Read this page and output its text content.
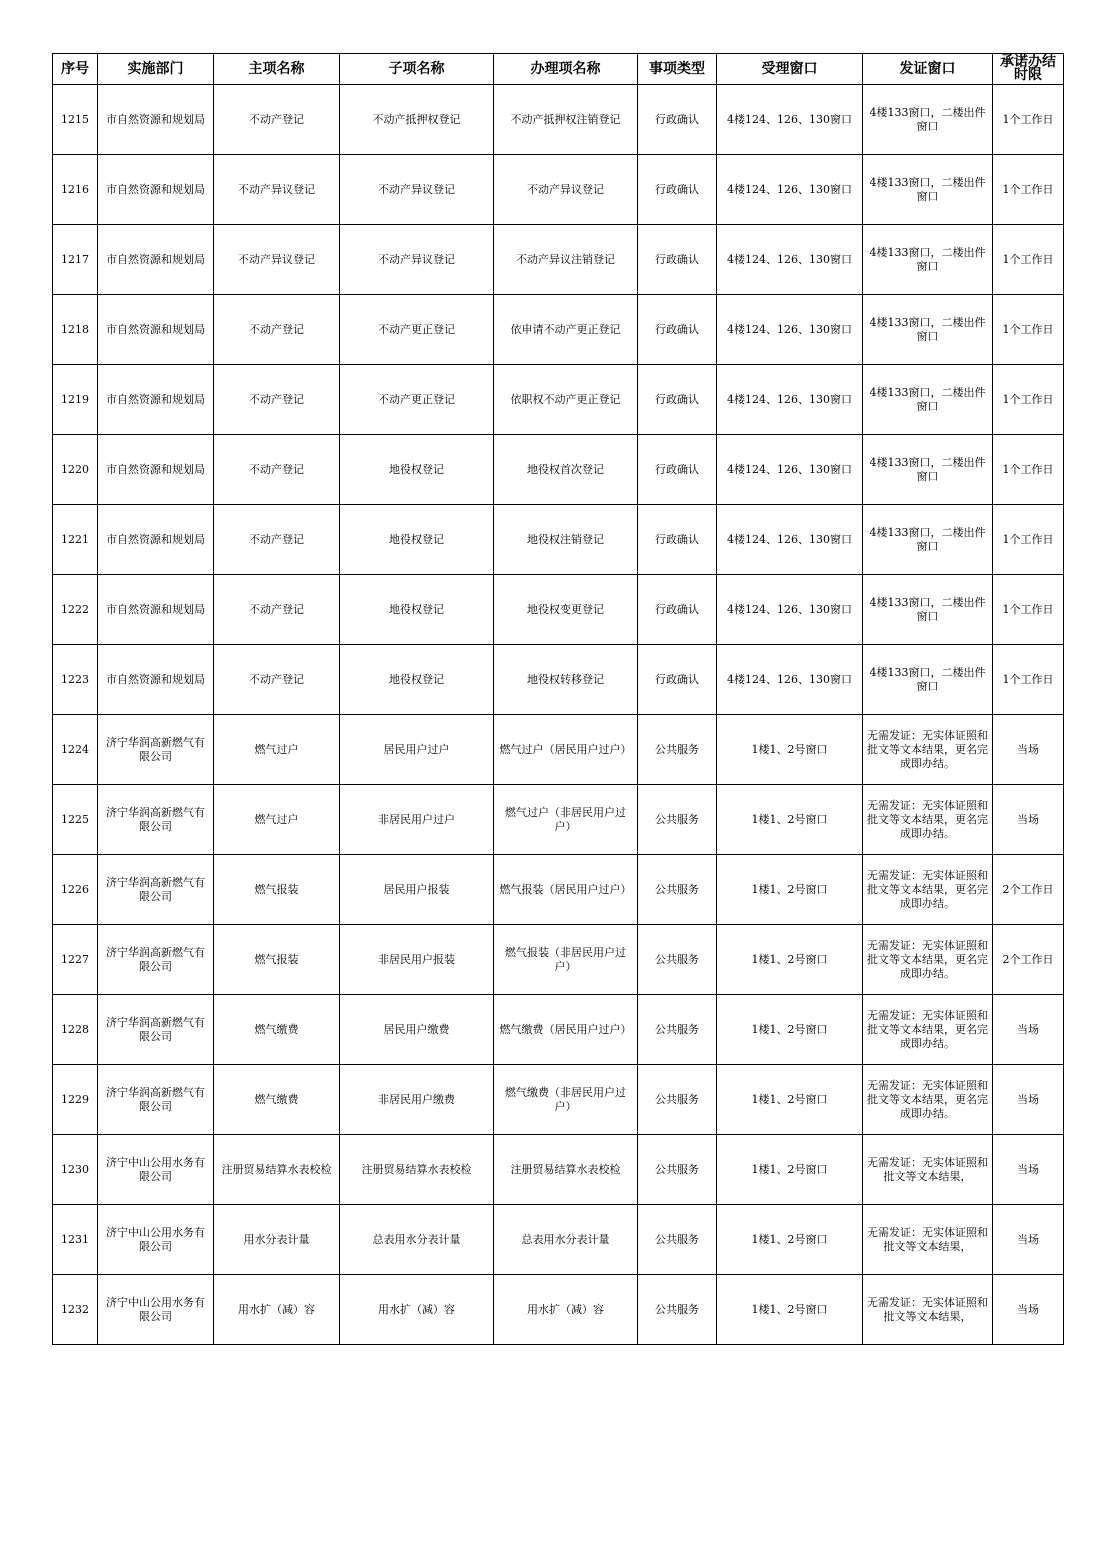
序号	实施部门	主项名称	子项名称	办理项名称	事项类型	受理窗口	发证窗口	承诺办结时限
1215	市自然资源和规划局	不动产登记	不动产抵押权登记	不动产抵押权注销登记	行政确认	4楼124、126、130窗口	4楼133窗口，二楼出件窗口	1个工作日
1216	市自然资源和规划局	不动产异议登记	不动产异议登记	不动产异议登记	行政确认	4楼124、126、130窗口	4楼133窗口，二楼出件窗口	1个工作日
1217	市自然资源和规划局	不动产异议登记	不动产异议登记	不动产异议注销登记	行政确认	4楼124、126、130窗口	4楼133窗口，二楼出件窗口	1个工作日
1218	市自然资源和规划局	不动产登记	不动产更正登记	依申请不动产更正登记	行政确认	4楼124、126、130窗口	4楼133窗口，二楼出件窗口	1个工作日
1219	市自然资源和规划局	不动产登记	不动产更正登记	依职权不动产更正登记	行政确认	4楼124、126、130窗口	4楼133窗口，二楼出件窗口	1个工作日
1220	市自然资源和规划局	不动产登记	地役权登记	地役权首次登记	行政确认	4楼124、126、130窗口	4楼133窗口，二楼出件窗口	1个工作日
1221	市自然资源和规划局	不动产登记	地役权登记	地役权注销登记	行政确认	4楼124、126、130窗口	4楼133窗口，二楼出件窗口	1个工作日
1222	市自然资源和规划局	不动产登记	地役权登记	地役权变更登记	行政确认	4楼124、126、130窗口	4楼133窗口，二楼出件窗口	1个工作日
1223	市自然资源和规划局	不动产登记	地役权登记	地役权转移登记	行政确认	4楼124、126、130窗口	4楼133窗口，二楼出件窗口	1个工作日
1224	济宁华润高新燃气有限公司	燃气过户	居民用户过户	燃气过户（居民用户过户）	公共服务	1楼1、2号窗口	无需发证：无实体证照和批文等文本结果，更名完成即办结。	当场
1225	济宁华润高新燃气有限公司	燃气过户	非居民用户过户	燃气过户（非居民用户过户）	公共服务	1楼1、2号窗口	无需发证：无实体证照和批文等文本结果，更名完成即办结。	当场
1226	济宁华润高新燃气有限公司	燃气报装	居民用户报装	燃气报装（居民用户过户）	公共服务	1楼1、2号窗口	无需发证：无实体证照和批文等文本结果，更名完成即办结。	2个工作日
1227	济宁华润高新燃气有限公司	燃气报装	非居民用户报装	燃气报装（非居民用户过户）	公共服务	1楼1、2号窗口	无需发证：无实体证照和批文等文本结果，更名完成即办结。	2个工作日
1228	济宁华润高新燃气有限公司	燃气缴费	居民用户缴费	燃气缴费（居民用户过户）	公共服务	1楼1、2号窗口	无需发证：无实体证照和批文等文本结果，更名完成即办结。	当场
1229	济宁华润高新燃气有限公司	燃气缴费	非居民用户缴费	燃气缴费（非居民用户过户）	公共服务	1楼1、2号窗口	无需发证：无实体证照和批文等文本结果，更名完成即办结。	当场
1230	济宁中山公用水务有限公司	注册贸易结算水表校检	注册贸易结算水表校检	注册贸易结算水表校检	公共服务	1楼1、2号窗口	无需发证：无实体证照和批文等文本结果，	当场
1231	济宁中山公用水务有限公司	用水分表计量	总表用水分表计量	总表用水分表计量	公共服务	1楼1、2号窗口	无需发证：无实体证照和批文等文本结果，	当场
1232	济宁中山公用水务有限公司	用水扩（减）容	用水扩（减）容	用水扩（减）容	公共服务	1楼1、2号窗口	无需发证：无实体证照和批文等文本结果，	当场
